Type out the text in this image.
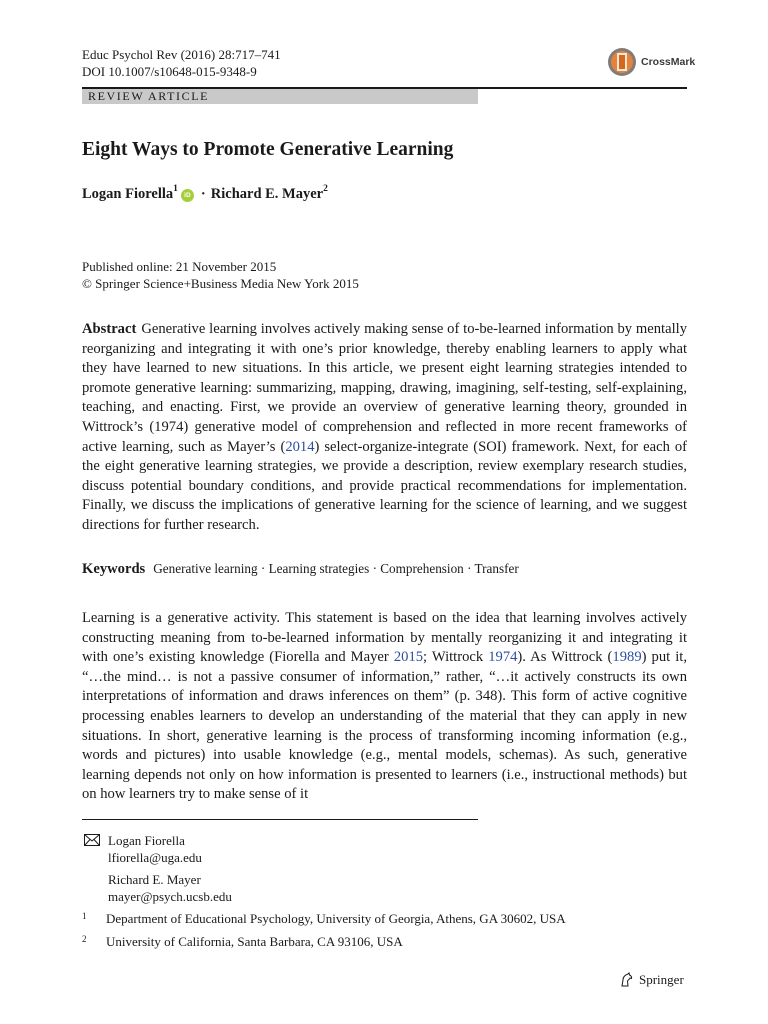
Educ Psychol Rev (2016) 28:717–741
DOI 10.1007/s10648-015-9348-9
CrossMark
REVIEW ARTICLE
Eight Ways to Promote Generative Learning
Logan Fiorella$^1$
iD · Richard E. Mayer$^2$
Published online: 21 November 2015
© Springer Science+Business Media New York 2015

Abstract Generative learning involves actively making sense of to-be-learned information by mentally reorganizing and integrating it with one’s prior knowledge, thereby enabling learners to apply what they have learned to new situations. In this article, we present eight learning strategies intended to promote generative learning: summarizing, mapping, drawing, imagining, self-testing, self-explaining, teaching, and enacting. First, we provide an overview of generative learning theory, grounded in Wittrock’s (1974) generative model of comprehension and reflected in more recent frameworks of active learning, such as Mayer’s (2014) select-organize-integrate (SOI) framework. Next, for each of the eight generative learning strategies, we provide a description, review exemplary research studies, discuss potential boundary conditions, and provide practical recommendations for implementation. Finally, we discuss the implications of generative learning for the science of learning, and we suggest directions for further research.

Keywords Generative learning · Learning strategies · Comprehension · Transfer

Learning is a generative activity. This statement is based on the idea that learning involves actively constructing meaning from to-be-learned information by mentally reorganizing it and integrating it with one’s existing knowledge (Fiorella and Mayer 2015; Wittrock 1974). As Wittrock (1989) put it, “…the mind… is not a passive consumer of information,” rather, “…it actively constructs its own interpretations of information and draws inferences on them” (p. 348). This form of active cognitive processing enables learners to develop an understanding of the material that they can apply in new situations. In short, generative learning is the process of transforming incoming information (e.g., words and pictures) into usable knowledge (e.g., mental models, schemas). As such, generative learning depends not only on how information is presented to learners (i.e., instructional methods) but on how learners try to make sense of it

Logan Fiorella
lfiorella@uga.edu
Richard E. Mayer
mayer@psych.ucsb.edu
1 Department of Educational Psychology, University of Georgia, Athens, GA 30602, USA
2 University of California, Santa Barbara, CA 93106, USA
Springer
